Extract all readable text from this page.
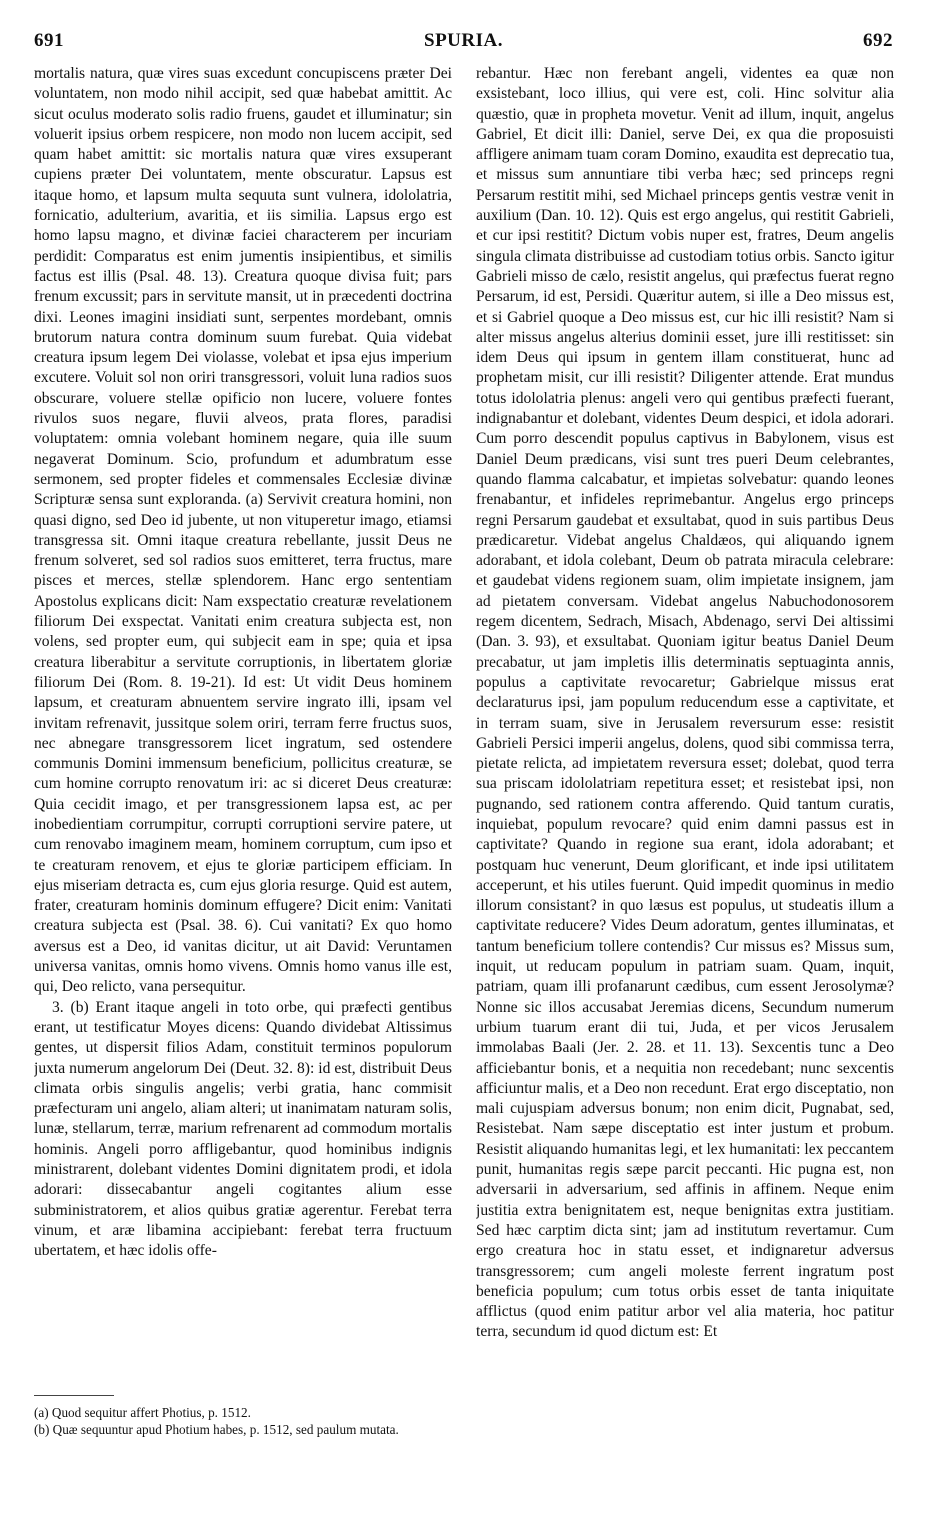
691	SPURIA.	692

mortalis natura, quæ vires suas excedunt concupiscens præter Dei voluntatem, non modo nihil accipit, sed quæ habebat amittit. Ac sicut oculus moderato solis radio fruens, gaudet et illuminatur; sin voluerit ipsius orbem respicere, non modo non lucem accipit, sed quam habet amittit: sic mortalis natura quæ vires exsuperant cupiens præter Dei voluntatem, mente obscuratur. Lapsus est itaque homo, et lapsum multa sequuta sunt vulnera, idololatria, fornicatio, adulterium, avaritia, et iis similia. Lapsus ergo est homo lapsu magno, et divinæ faciei characterem per incuriam perdidit: Comparatus est enim jumentis insipientibus, et similis factus est illis (Psal. 48. 13). Creatura quoque divisa fuit; pars frenum excussit; pars in servitute mansit, ut in præcedenti doctrina dixi. Leones imagini insidiati sunt, serpentes mordebant, omnis brutorum natura contra dominum suum furebat. Quia videbat creatura ipsum legem Dei violasse, volebat et ipsa ejus imperium excutere. Voluit sol non oriri transgressori, voluit luna radios suos obscurare, voluere stellæ opificio non lucere, voluere fontes rivulos suos negare, fluvii alveos, prata flores, paradisi voluptatem: omnia volebant hominem negare, quia ille suum negaverat Dominum. Scio, profundum et adumbratum esse sermonem, sed propter fideles et commensales Ecclesiæ divinæ Scripturæ sensa sunt exploranda. (a) Servivit creatura homini, non quasi digno, sed Deo id jubente, ut non vituperetur imago, etiamsi transgressa sit. Omni itaque creatura rebellante, jussit Deus ne frenum solveret, sed sol radios suos emitteret, terra fructus, mare pisces et merces, stellæ splendorem. Hanc ergo sententiam Apostolus explicans dicit: Nam exspectatio creaturæ revelationem filiorum Dei exspectat. Vanitati enim creatura subjecta est, non volens, sed propter eum, qui subjecit eam in spe; quia et ipsa creatura liberabitur a servitute corruptionis, in libertatem gloriæ filiorum Dei (Rom. 8. 19-21). Id est: Ut vidit Deus hominem lapsum, et creaturam abnuentem servire ingrato illi, ipsam vel invitam refrenavit, jussitque solem oriri, terram ferre fructus suos, nec abnegare transgressorem licet ingratum, sed ostendere communis Domini immensum beneficium, pollicitus creaturæ, se cum homine corrupto renovatum iri: ac si diceret Deus creaturæ: Quia cecidit imago, et per transgressionem lapsa est, ac per inobedientiam corrumpitur, corrupti corruptioni servire patere, ut cum renovabo imaginem meam, hominem corruptum, cum ipso et te creaturam renovem, et ejus te gloriæ participem efficiam. In ejus miseriam detracta es, cum ejus gloria resurge. Quid est autem, frater, creaturam hominis dominum effugere? Dicit enim: Vanitati creatura subjecta est (Psal. 38. 6). Cui vanitati? Ex quo homo aversus est a Deo, id vanitas dicitur, ut ait David: Veruntamen universa vanitas, omnis homo vivens. Omnis homo vanus ille est, qui, Deo relicto, vana persequitur.

3. (b) Erant itaque angeli in toto orbe, qui præfecti gentibus erant, ut testificatur Moyes dicens: Quando dividebat Altissimus gentes, ut dispersit filios Adam, constituit terminos populorum juxta numerum angelorum Dei (Deut. 32. 8): id est, distribuit Deus climata orbis singulis angelis; verbi gratia, hanc commisit præfecturam uni angelo, aliam alteri; ut inanimatam naturam solis, lunæ, stellarum, terræ, marium refrenarent ad commodum mortalis hominis. Angeli porro affligebantur, quod hominibus indignis ministrarent, dolebant videntes Domini dignitatem prodi, et idola adorari: dissecabantur angeli cogitantes alium esse subministratorem, et alios quibus gratiæ agerentur. Ferebat terra vinum, et aræ libamina accipiebant: ferebat terra fructuum ubertatem, et hæc idolis offe-

(a) Quod sequitur affert Photius, p. 1512.

(b) Quæ sequuntur apud Photium habes, p. 1512, sed paulum mutata.

rebantur. Hæc non ferebant angeli, videntes ea quæ non exsistebant, loco illius, qui vere est, coli. Hinc solvitur alia quæstio, quæ in propheta movetur. Venit ad illum, inquit, angelus Gabriel, Et dicit illi: Daniel, serve Dei, ex qua die proposuisti affligere animam tuam coram Domino, exaudita est deprecatio tua, et missus sum annuntiare tibi verba hæc; sed princeps regni Persarum restitit mihi, sed Michael princeps gentis vestræ venit in auxilium (Dan. 10. 12). Quis est ergo angelus, qui restitit Gabrieli, et cur ipsi restitit? Dictum vobis nuper est, fratres, Deum angelis singula climata distribuisse ad custodiam totius orbis. Sancto igitur Gabrieli misso de cælo, resistit angelus, qui præfectus fuerat regno Persarum, id est, Persidi. Quæritur autem, si ille a Deo missus est, et si Gabriel quoque a Deo missus est, cur hic illi resistit? Nam si alter missus angelus alterius dominii esset, jure illi restitisset: sin idem Deus qui ipsum in gentem illam constituerat, hunc ad prophetam misit, cur illi resistit? Diligenter attende. Erat mundus totus idololatria plenus: angeli vero qui gentibus præfecti fuerant, indignabantur et dolebant, videntes Deum despici, et idola adorari. Cum porro descendit populus captivus in Babylonem, visus est Daniel Deum prædicans, visi sunt tres pueri Deum celebrantes, quando flamma calcabatur, et impietas solvebatur: quando leones frenabantur, et infideles reprimebantur. Angelus ergo princeps regni Persarum gaudebat et exsultabat, quod in suis partibus Deus prædicaretur. Videbat angelus Chaldæos, qui aliquando ignem adorabant, et idola colebant, Deum ob patrata miracula celebrare: et gaudebat videns regionem suam, olim impietate insignem, jam ad pietatem conversam. Videbat angelus Nabuchodonosorem regem dicentem, Sedrach, Misach, Abdenago, servi Dei altissimi (Dan. 3. 93), et exsultabat. Quoniam igitur beatus Daniel Deum precabatur, ut jam impletis illis determinatis septuaginta annis, populus a captivitate revocaretur; Gabrielque missus erat declaraturus ipsi, jam populum reducendum esse a captivitate, et in terram suam, sive in Jerusalem reversurum esse: resistit Gabrieli Persici imperii angelus, dolens, quod sibi commissa terra, pietate relicta, ad impietatem reversura esset; dolebat, quod terra sua priscam idololatriam repetitura esset; et resistebat ipsi, non pugnando, sed rationem contra afferendo. Quid tantum curatis, inquiebat, populum revocare? quid enim damni passus est in captivitate? Quando in regione sua erant, idola adorabant; et postquam huc venerunt, Deum glorificant, et inde ipsi utilitatem acceperunt, et his utiles fuerunt. Quid impedit quominus in medio illorum consistant? in quo læsus est populus, ut studeatis illum a captivitate reducere? Vides Deum adoratum, gentes illuminatas, et tantum beneficium tollere contendis? Cur missus es? Missus sum, inquit, ut reducam populum in patriam suam. Quam, inquit, patriam, quam illi profanarunt cædibus, cum essent Jerosolymæ? Nonne sic illos accusabat Jeremias dicens, Secundum numerum urbium tuarum erant dii tui, Juda, et per vicos Jerusalem immolabas Baali (Jer. 2. 28. et 11. 13). Sexcentis tunc a Deo afficiebantur bonis, et a nequitia non recedebant; nunc sexcentis afficiuntur malis, et a Deo non recedunt. Erat ergo disceptatio, non mali cujuspiam adversus bonum; non enim dicit, Pugnabat, sed, Resistebat. Nam sæpe disceptatio est inter justum et probum. Resistit aliquando humanitas legi, et lex humanitati: lex peccantem punit, humanitas regis sæpe parcit peccanti. Hic pugna est, non adversarii in adversarium, sed affinis in affinem. Neque enim justitia extra benignitatem est, neque benignitas extra justitiam. Sed hæc carptim dicta sint; jam ad institutum revertamur. Cum ergo creatura hoc in statu esset, et indignaretur adversus transgressorem; cum angeli moleste ferrent ingratum post beneficia populum; cum totus orbis esset de tanta iniquitate afflictus (quod enim patitur arbor vel alia materia, hoc patitur terra, secundum id quod dictum est: Et
